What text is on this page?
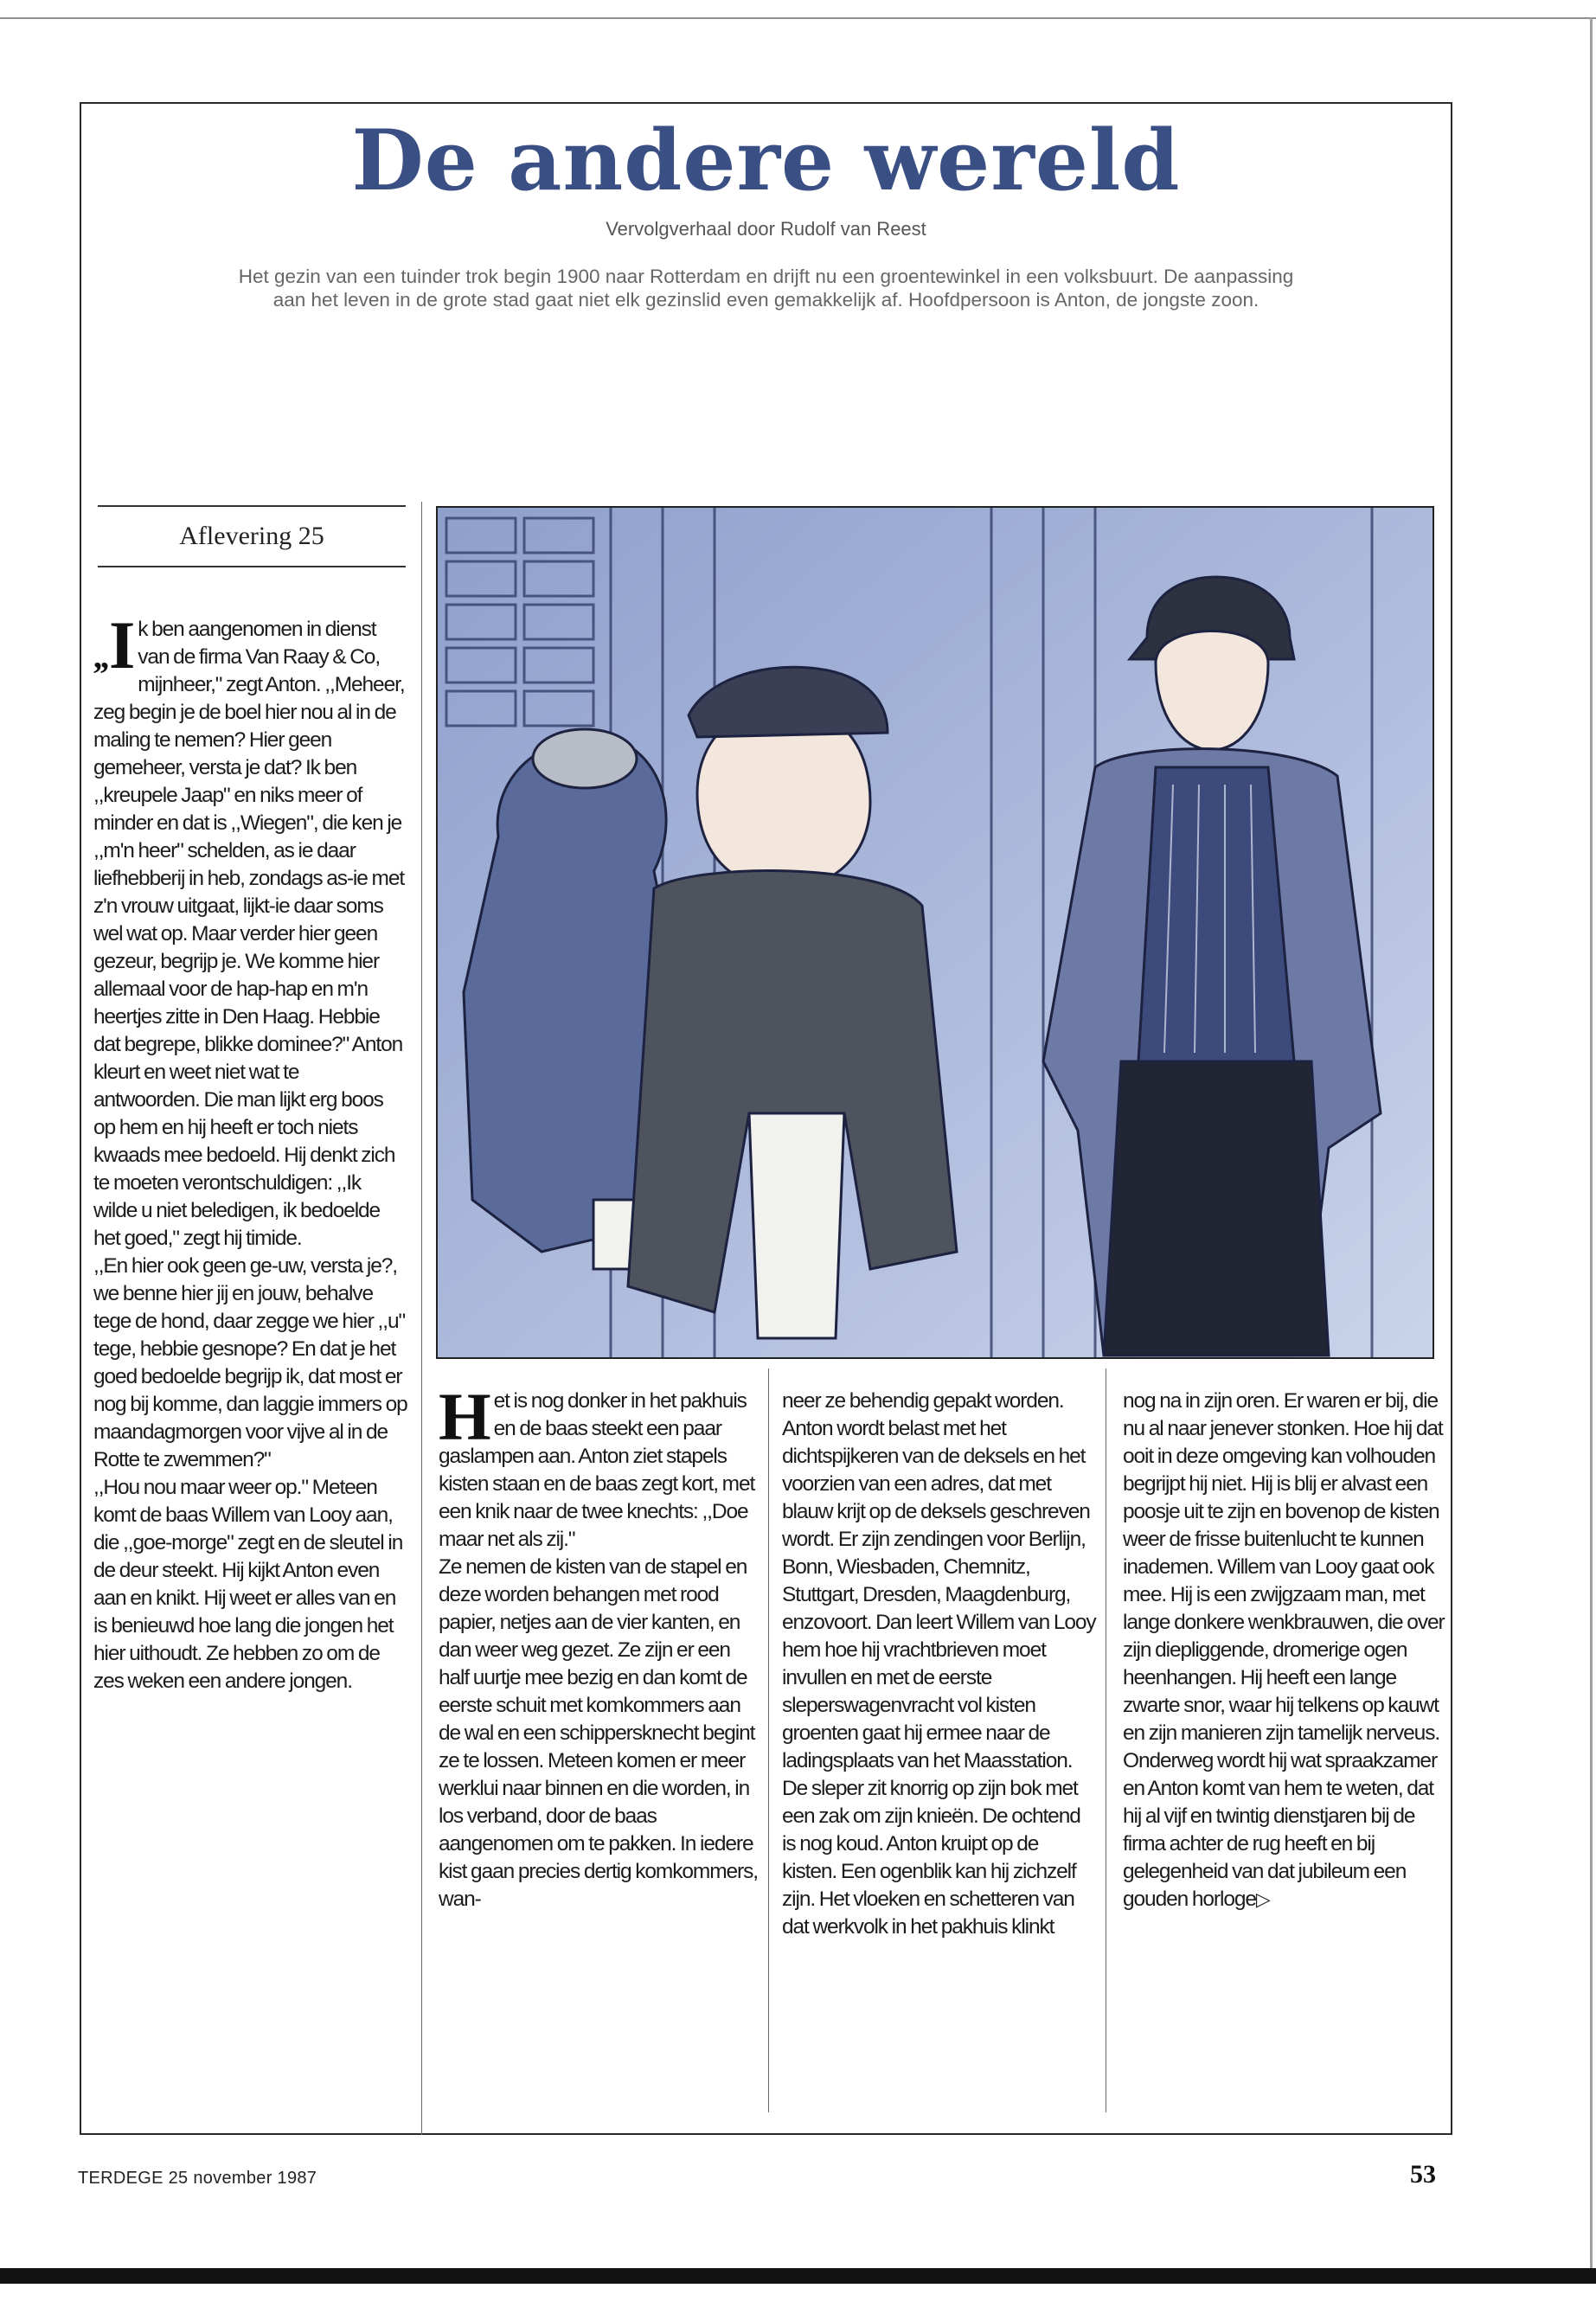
De andere wereld

Vervolgverhaal door Rudolf van Reest

Het gezin van een tuinder trok begin 1900 naar Rotterdam en drijft nu een groentewinkel in een volksbuurt. De aanpassing aan het leven in de grote stad gaat niet elk gezinslid even gemakkelijk af. Hoofdpersoon is Anton, de jongste zoon.

Aflevering 25

,,I k ben aangenomen in dienst van de firma Van Raay & Co, mijnheer," zegt Anton. ,,Meheer, zeg begin je de boel hier nou al in de maling te nemen? Hier geen gemeheer, versta je dat? Ik ben ,,kreupele Jaap" en niks meer of minder en dat is ,,Wiegen", die ken je ,,m'n heer" schelden, as ie daar liefhebberij in heb, zondags as-ie met z'n vrouw uitgaat, lijkt-ie daar soms wel wat op. Maar verder hier geen gezeur, begrijp je. We komme hier allemaal voor de hap-hap en m'n heertjes zitte in Den Haag. Hebbie dat begrepe, blikke dominee?" Anton kleurt en weet niet wat te antwoorden. Die man lijkt erg boos op hem en hij heeft er toch niets kwaads mee bedoeld. Hij denkt zich te moeten verontschuldigen: ,,Ik wilde u niet beledigen, ik bedoelde het goed," zegt hij timide.

,,En hier ook geen ge-uw, versta je?, we benne hier jij en jouw, behalve tege de hond, daar zegge we hier ,,u" tege, hebbie gesnope? En dat je het goed bedoelde begrijp ik, dat most er nog bij komme, dan laggie immers op maandagmorgen voor vijve al in de Rotte te zwemmen?"

,,Hou nou maar weer op." Meteen komt de baas Willem van Looy aan, die ,,goe-morge" zegt en de sleutel in de deur steekt. Hij kijkt Anton even aan en knikt. Hij weet er alles van en is benieuwd hoe lang die jongen het hier uithoudt. Ze hebben zo om de zes weken een andere jongen.

Het is nog donker in het pakhuis en de baas steekt een paar gaslampen aan. Anton ziet stapels kisten staan en de baas zegt kort, met een knik naar de twee knechts: ,,Doe maar net als zij."

Ze nemen de kisten van de stapel en deze worden behangen met rood papier, netjes aan de vier kanten, en dan weer weg gezet. Ze zijn er een half uurtje mee bezig en dan komt de eerste schuit met komkommers aan de wal en een schippersknecht begint ze te lossen. Meteen komen er meer werklui naar binnen en die worden, in los verband, door de baas aangenomen om te pakken. In iedere kist gaan precies dertig komkommers, wan-

neer ze behendig gepakt worden. Anton wordt belast met het dichtspijkeren van de deksels en het voorzien van een adres, dat met blauw krijt op de deksels geschreven wordt. Er zijn zendingen voor Berlijn, Bonn, Wiesbaden, Chemnitz, Stuttgart, Dresden, Maagdenburg, enzovoort. Dan leert Willem van Looy hem hoe hij vrachtbrieven moet invullen en met de eerste sleperswagenvracht vol kisten groenten gaat hij ermee naar de ladingsplaats van het Maasstation. De sleper zit knorrig op zijn bok met een zak om zijn knieën. De ochtend is nog koud. Anton kruipt op de kisten. Een ogenblik kan hij zichzelf zijn. Het vloeken en schetteren van dat werkvolk in het pakhuis klinkt

nog na in zijn oren. Er waren er bij, die nu al naar jenever stonken. Hoe hij dat ooit in deze omgeving kan volhouden begrijpt hij niet. Hij is blij er alvast een poosje uit te zijn en bovenop de kisten weer de frisse buitenlucht te kunnen inademen. Willem van Looy gaat ook mee. Hij is een zwijgzaam man, met lange donkere wenkbrauwen, die over zijn diepliggende, dromerige ogen heenhangen. Hij heeft een lange zwarte snor, waar hij telkens op kauwt en zijn manieren zijn tamelijk nerveus. Onderweg wordt hij wat spraakzamer en Anton komt van hem te weten, dat hij al vijf en twintig dienstjaren bij de firma achter de rug heeft en bij gelegenheid van dat jubileum een gouden horloge▷

TERDEGE 25 november 1987	53
